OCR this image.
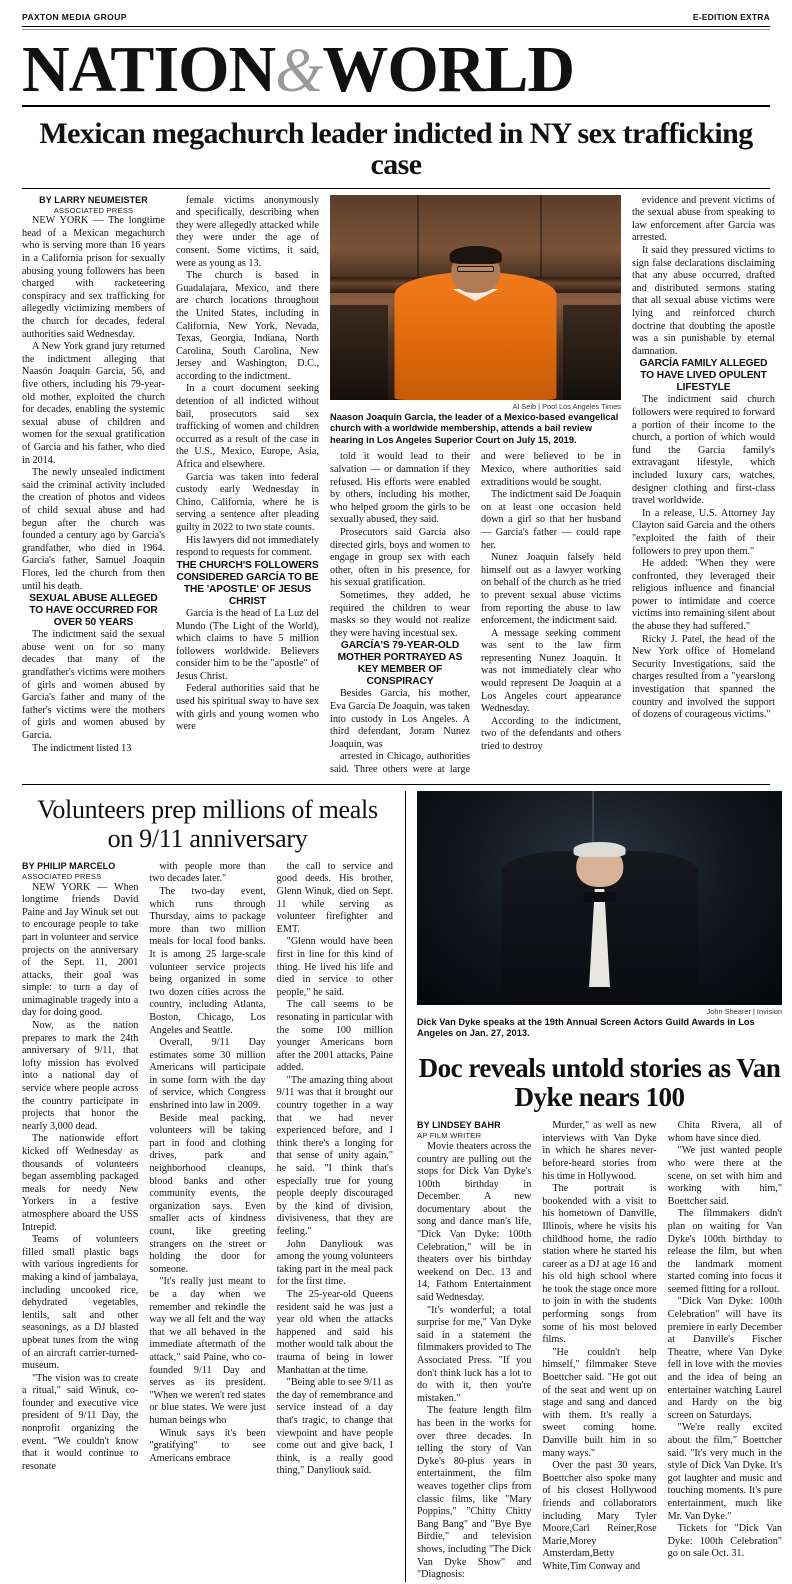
PAXTON MEDIA GROUP	E-EDITION EXTRA
NATION&WORLD
Mexican megachurch leader indicted in NY sex trafficking case
BY LARRY NEUMEISTER
ASSOCIATED PRESS

NEW YORK — The longtime head of a Mexican megachurch who is serving more than 16 years in a California prison for sexually abusing young followers has been charged with racketeering conspiracy and sex trafficking for allegedly victimizing members of the church for decades, federal authorities said Wednesday.

A New York grand jury returned the indictment alleging that Naasón Joaquin Garcia, 56, and five others, including his 79-year-old mother, exploited the church for decades, enabling the systemic sexual abuse of children and women for the sexual gratification of Garcia and his father, who died in 2014.

The newly unsealed indictment said the criminal activity included the creation of photos and videos of child sexual abuse and had begun after the church was founded a century ago by Garcia's grandfather, who died in 1964. Garcia's father, Samuel Joaquin Flores, led the church from then until his death.

SEXUAL ABUSE ALLEGED TO HAVE OCCURRED FOR OVER 50 YEARS

The indictment said the sexual abuse went on for so many decades that many of the grandfather's victims were mothers of girls and women abused by Garcia's father and many of the father's victims were the mothers of girls and women abused by Garcia.

The indictment listed 13

female victims anonymously and specifically, describing when they were allegedly attacked while they were under the age of consent. Some victims, it said, were as young as 13.

The church is based in Guadalajara, Mexico, and there are church locations throughout the United States, including in California, New York, Nevada, Texas, Georgia, Indiana, North Carolina, South Carolina, New Jersey and Washington, D.C., according to the indictment.

In a court document seeking detention of all indicted without bail, prosecutors said sex trafficking of women and children occurred as a result of the case in the U.S., Mexico, Europe, Asia, Africa and elsewhere.

Garcia was taken into federal custody early Wednesday in Chino, California, where he is serving a sentence after pleading guilty in 2022 to two state counts.

His lawyers did not immediately respond to requests for comment.

THE CHURCH'S FOLLOWERS CONSIDERED GARCÍA TO BE THE 'APOSTLE' OF JESUS CHRIST

Garcia is the head of La Luz del Mundo (The Light of the World), which claims to have 5 million followers worldwide. Believers consider him to be the "apostle" of Jesus Christ.

Federal authorities said that he used his spiritual sway to have sex with girls and young women who were

Al Seib | Pool Los Angeles Times
Naason Joaquin Garcia, the leader of a Mexico-based evangelical church with a worldwide membership, attends a bail review hearing in Los Angeles Superior Court on July 15, 2019.

told it would lead to their salvation — or damnation if they refused. His efforts were enabled by others, including his mother, who helped groom the girls to be sexually abused, they said.

Prosecutors said García also directed girls, boys and women to engage in group sex with each other, often in his presence, for his sexual gratification.

Sometimes, they added, he required the children to wear masks so they would not realize they were having incestual sex.

GARCÍA'S 79-YEAR-OLD MOTHER PORTRAYED AS KEY MEMBER OF CONSPIRACY

Besides Garcia, his mother, Eva García De Joaquin, was taken into custody in Los Angeles. A third defendant, Joram Nunez Joaquin, was

arrested in Chicago, authorities said. Three others were at large and were believed to be in Mexico, where authorities said extraditions would be sought.

The indictment said De Joaquin on at least one occasion held down a girl so that her husband — Garcia's father — could rape her.

Nunez Joaquin falsely held himself out as a lawyer working on behalf of the church as he tried to prevent sexual abuse victims from reporting the abuse to law enforcement, the indictment said.

A message seeking comment was sent to the law firm representing Nunez Joaquin. It was not immediately clear who would represent De Joaquin at a Los Angeles court appearance Wednesday.

According to the indictment, two of the defendants and others tried to destroy

evidence and prevent victims of the sexual abuse from speaking to law enforcement after García was arrested.

It said they pressured victims to sign false declarations disclaiming that any abuse occurred, drafted and distributed sermons stating that all sexual abuse victims were lying and reinforced church doctrine that doubting the apostle was a sin punishable by eternal damnation.

GARCÍA FAMILY ALLEGED TO HAVE LIVED OPULENT LIFESTYLE

The indictment said church followers were required to forward a portion of their income to the church, a portion of which would fund the Garcia family's extravagant lifestyle, which included luxury cars, watches, designer clothing and first-class travel worldwide.

In a release, U.S. Attorney Jay Clayton said Garcia and the others "exploited the faith of their followers to prey upon them."

He added: "When they were confronted, they leveraged their religious influence and financial power to intimidate and coerce victims into remaining silent about the abuse they had suffered."

Ricky J. Patel, the head of the New York office of Homeland Security Investigations, said the charges resulted from a "yearslong investigation that spanned the country and involved the support of dozens of courageous victims."

Volunteers prep millions of meals on 9/11 anniversary
BY PHILIP MARCELO
ASSOCIATED PRESS

NEW YORK — When longtime friends David Paine and Jay Winuk set out to encourage people to take part in volunteer and service projects on the anniversary of the Sept. 11, 2001 attacks, their goal was simple: to turn a day of unimaginable tragedy into a day for doing good.

Now, as the nation prepares to mark the 24th anniversary of 9/11, that lofty mission has evolved into a national day of service where people across the country participate in projects that honor the nearly 3,000 dead.

The nationwide effort kicked off Wednesday as thousands of volunteers began assembling packaged meals for needy New Yorkers in a festive atmosphere aboard the USS Intrepid.

Teams of volunteers filled small plastic bags with various ingredients for making a kind of jambalaya, including uncooked rice, dehydrated vegetables, lentils, salt and other seasonings, as a DJ blasted upbeat tunes from the wing of an aircraft carrier-turned-museum.

"The vision was to create a ritual," said Winuk, co-founder and executive vice president of 9/11 Day, the nonprofit organizing the event. "We couldn't know that it would continue to resonate

with people more than two decades later."

The two-day event, which runs through Thursday, aims to package more than two million meals for local food banks. It is among 25 large-scale volunteer service projects being organized in some two dozen cities across the country, including Atlanta, Boston, Chicago, Los Angeles and Seattle.

Overall, 9/11 Day estimates some 30 million Americans will participate in some form with the day of service, which Congress enshrined into law in 2009.

Beside meal packing, volunteers will be taking part in food and clothing drives, park and neighborhood cleanups, blood banks and other community events, the organization says. Even smaller acts of kindness count, like greeting strangers on the street or holding the door for someone.

"It's really just meant to be a day when we remember and rekindle the way we all felt and the way that we all behaved in the immediate aftermath of the attack," said Paine, who co-founded 9/11 Day and serves as its president. "When we weren't red states or blue states. We were just human beings who

Winuk says it's been "gratifying" to see Americans embrace

the call to service and good deeds. His brother, Glenn Winuk, died on Sept. 11 while serving as volunteer firefighter and EMT.

"Glenn would have been first in line for this kind of thing. He lived his life and died in service to other people," he said.

The call seems to be resonating in particular with the some 100 million younger Americans born after the 2001 attacks, Paine added.

"The amazing thing about 9/11 was that it brought our country together in a way that we had never experienced before, and I think there's a longing for that sense of unity again," he said. "I think that's especially true for young people deeply discouraged by the kind of division, divisiveness, that they are feeling."

John Danyliouk was among the young volunteers taking part in the meal pack for the first time.

The 25-year-old Queens resident said he was just a year old when the attacks happened and said his mother would talk about the trauma of being in lower Manhattan at the time.

"Being able to see 9/11 as the day of remembrance and service instead of a day that's tragic, to change that viewpoint and have people come out and give back, I think, is a really good thing," Danyliouk said.

John Shearer | Invision
Dick Van Dyke speaks at the 19th Annual Screen Actors Guild Awards in Los Angeles on Jan. 27, 2013.
Doc reveals untold stories as Van Dyke nears 100
BY LINDSEY BAHR
AP FILM WRITER

Movie theaters across the country are pulling out the stops for Dick Van Dyke's 100th birthday in December. A new documentary about the song and dance man's life, "Dick Van Dyke: 100th Celebration," will be in theaters over his birthday weekend on Dec. 13 and 14, Fathom Entertainment said Wednesday.

"It's wonderful; a total surprise for me," Van Dyke said in a statement the filmmakers provided to The Associated Press. "If you don't think luck has a lot to do with it, then you're mistaken."

The feature length film has been in the works for over three decades. In telling the story of Van Dyke's 80-plus years in entertainment, the film weaves together clips from classic films, like "Mary Poppins," "Chitty Chitty Bang Bang" and "Bye Bye Birdie," and television shows, including "The Dick Van Dyke Show" and "Diagnosis:

Murder," as well as new interviews with Van Dyke in which he shares never-before-heard stories from his time in Hollywood.

The portrait is bookended with a visit to his hometown of Danville, Illinois, where he visits his childhood home, the radio station where he started his career as a DJ at age 16 and his old high school where he took the stage once more to join in with the students performing songs from some of his most beloved films.

"He couldn't help himself," filmmaker Steve Boettcher said. "He got out of the seat and went up on stage and sang and danced with them. It's really a sweet coming home. Danville built him in so many ways."

Over the past 30 years, Boettcher also spoke many of his closest Hollywood friends and collaborators including Mary Tyler Moore,Carl Reiner,Rose Marie,Morey Amsterdam,Betty White,Tim Conway and

Chita Rivera, all of whom have since died.

"We just wanted people who were there at the scene, on set with him and working with him," Boettcher said.

The filmmakers didn't plan on waiting for Van Dyke's 100th birthday to release the film, but when the landmark moment started coming into focus it seemed fitting for a rollout.

"Dick Van Dyke: 100th Celebration" will have its premiere in early December at Danville's Fischer Theatre, where Van Dyke fell in love with the movies and the idea of being an entertainer watching Laurel and Hardy on the big screen on Saturdays.

"We're really excited about the film," Boettcher said. "It's very much in the style of Dick Van Dyke. It's got laughter and music and touching moments. It's pure entertainment, much like Mr. Van Dyke."

Tickets for "Dick Van Dyke: 100th Celebration" go on sale Oct. 31.
